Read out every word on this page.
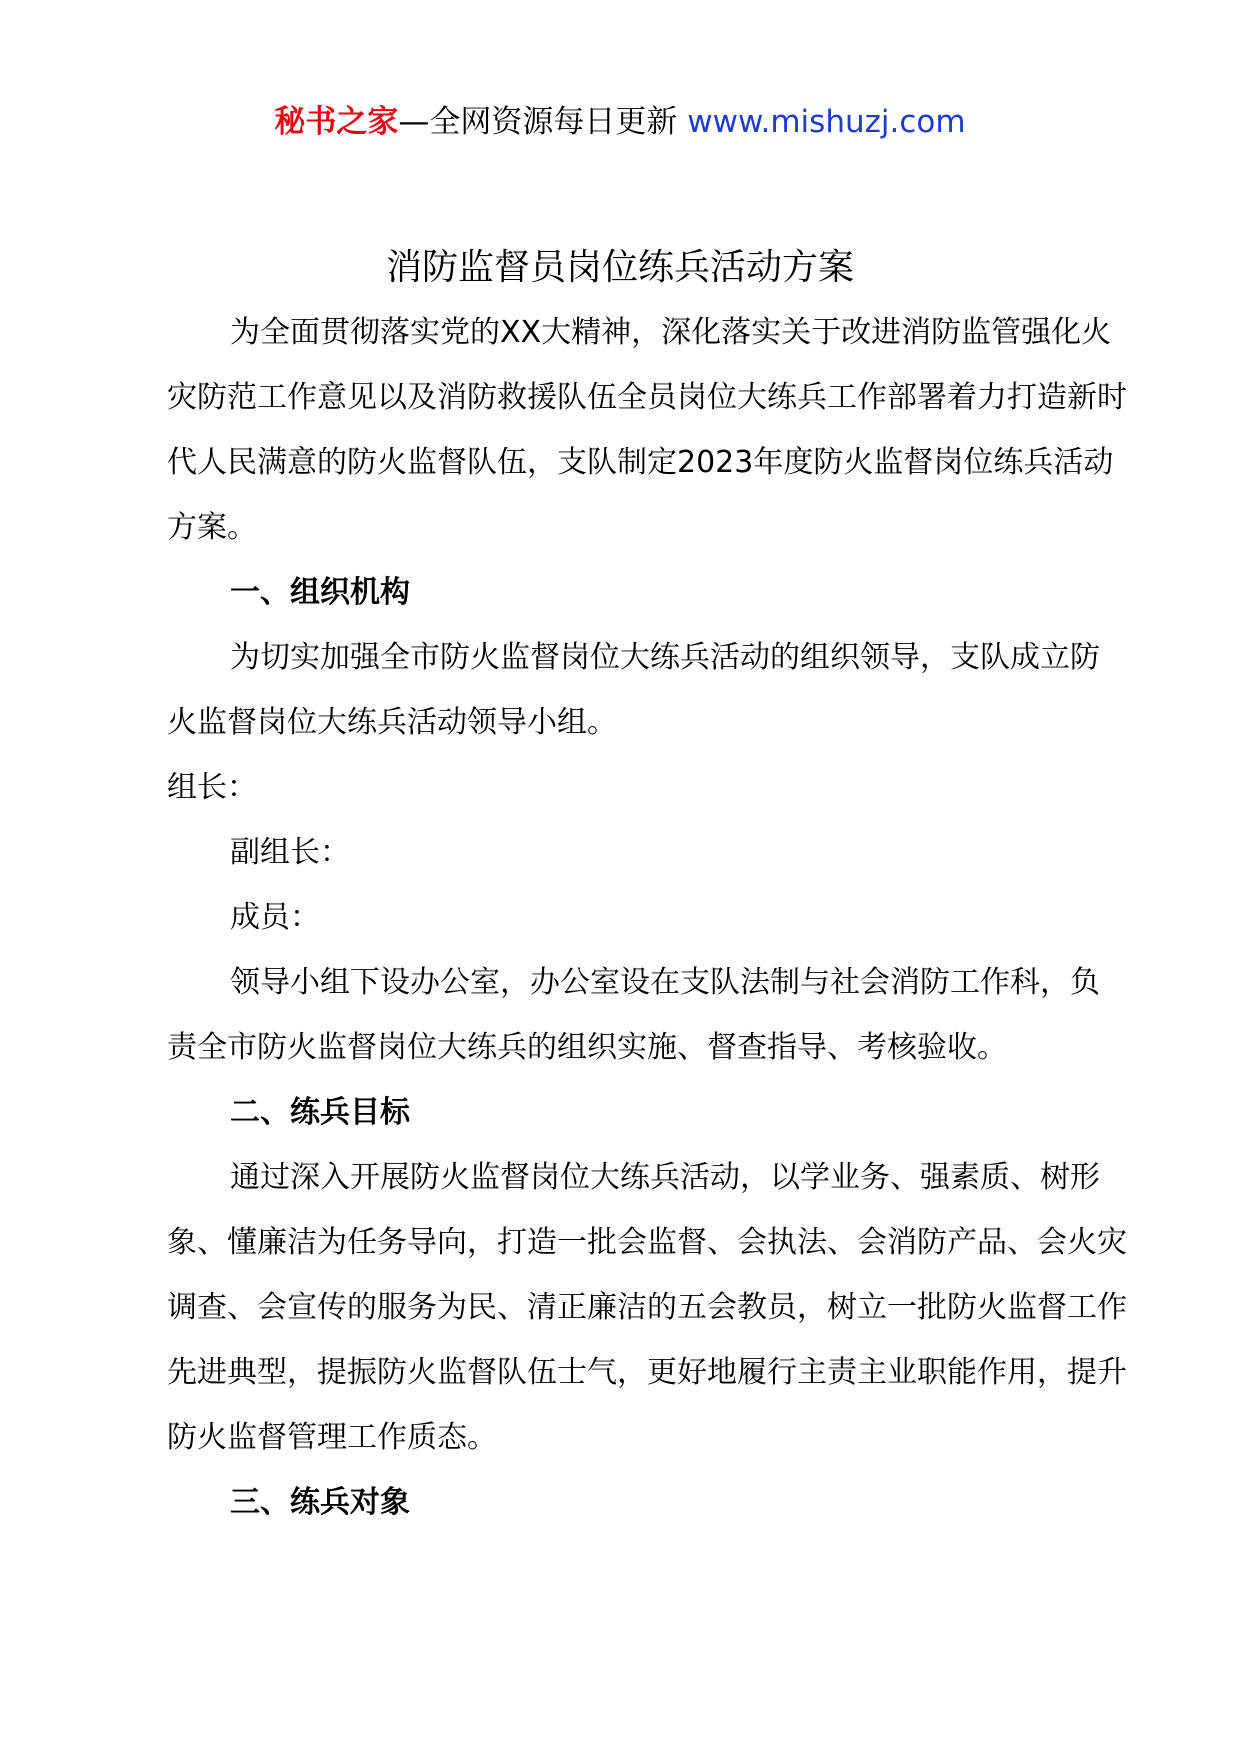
秘书之家—全网资源每日更新 www.mishuzj.com
消防监督员岗位练兵活动方案

为全面贯彻落实党的XX大精神，深化落实关于改进消防监管强化火灾防范工作意见以及消防救援队伍全员岗位大练兵工作部署着力打造新时代人民满意的防火监督队伍，支队制定2023年度防火监督岗位练兵活动方案。

一、组织机构

为切实加强全市防火监督岗位大练兵活动的组织领导，支队成立防火监督岗位大练兵活动领导小组。

组长：

副组长：

成员：

领导小组下设办公室，办公室设在支队法制与社会消防工作科，负责全市防火监督岗位大练兵的组织实施、督查指导、考核验收。

二、练兵目标

通过深入开展防火监督岗位大练兵活动，以学业务、强素质、树形象、懂廉洁为任务导向，打造一批会监督、会执法、会消防产品、会火灾调查、会宣传的服务为民、清正廉洁的五会教员，树立一批防火监督工作先进典型，提振防火监督队伍士气，更好地履行主责主业职能作用，提升防火监督管理工作质态。

三、练兵对象
